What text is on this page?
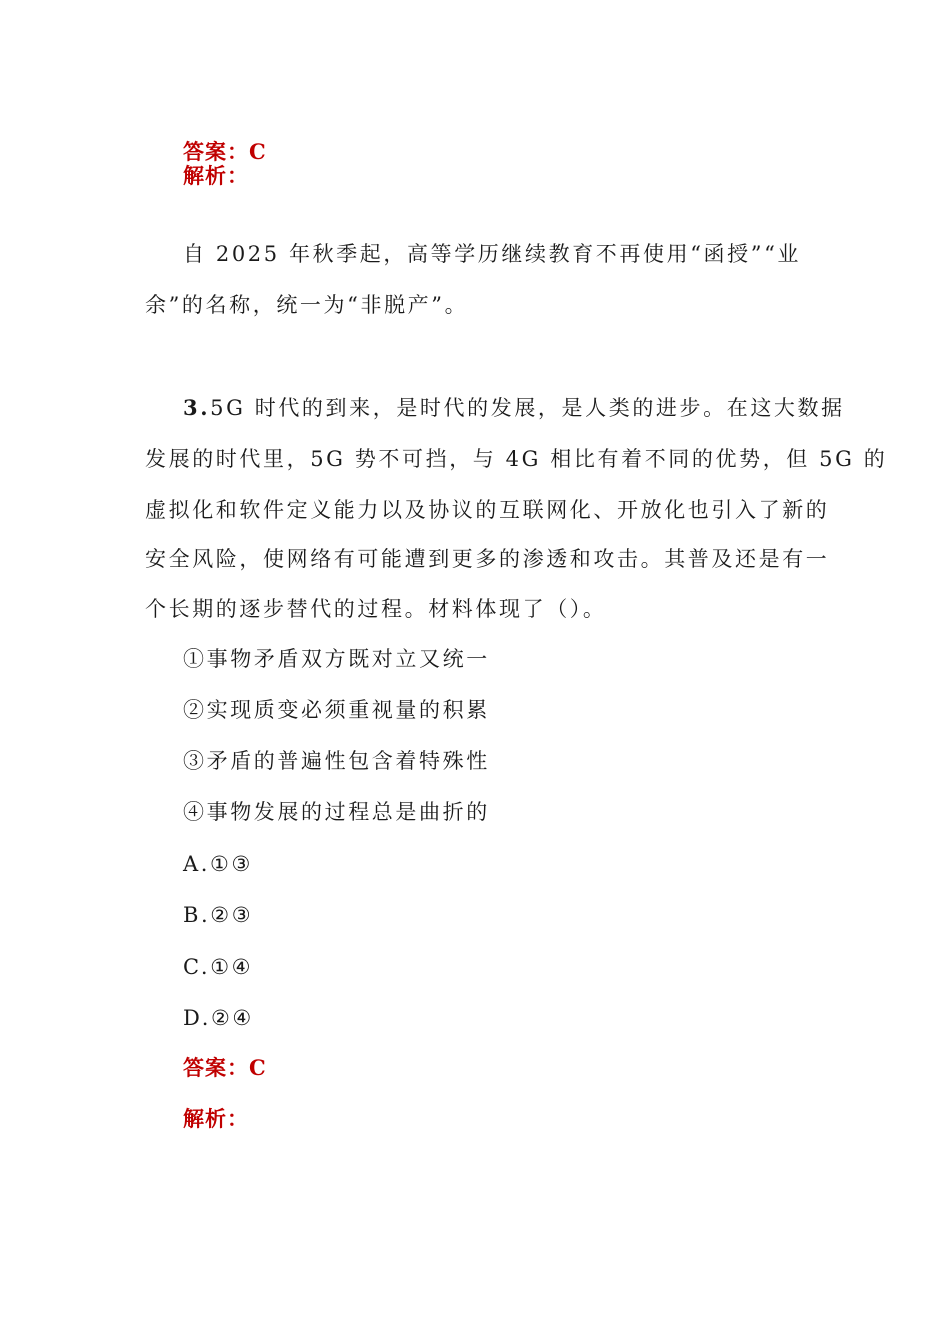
答案：C
解析：
自 2025 年秋季起，高等学历继续教育不再使用“函授”“业
余”的名称，统一为“非脱产”。
3.5G 时代的到来，是时代的发展，是人类的进步。在这大数据
发展的时代里，5G 势不可挡，与 4G 相比有着不同的优势，但 5G 的
虚拟化和软件定义能力以及协议的互联网化、开放化也引入了新的
安全风险，使网络有可能遭到更多的渗透和攻击。其普及还是有一
个长期的逐步替代的过程。材料体现了（）。
①事物矛盾双方既对立又统一
②实现质变必须重视量的积累
③矛盾的普遍性包含着特殊性
④事物发展的过程总是曲折的
A.①③
B.②③
C.①④
D.②④
答案：C
解析：
